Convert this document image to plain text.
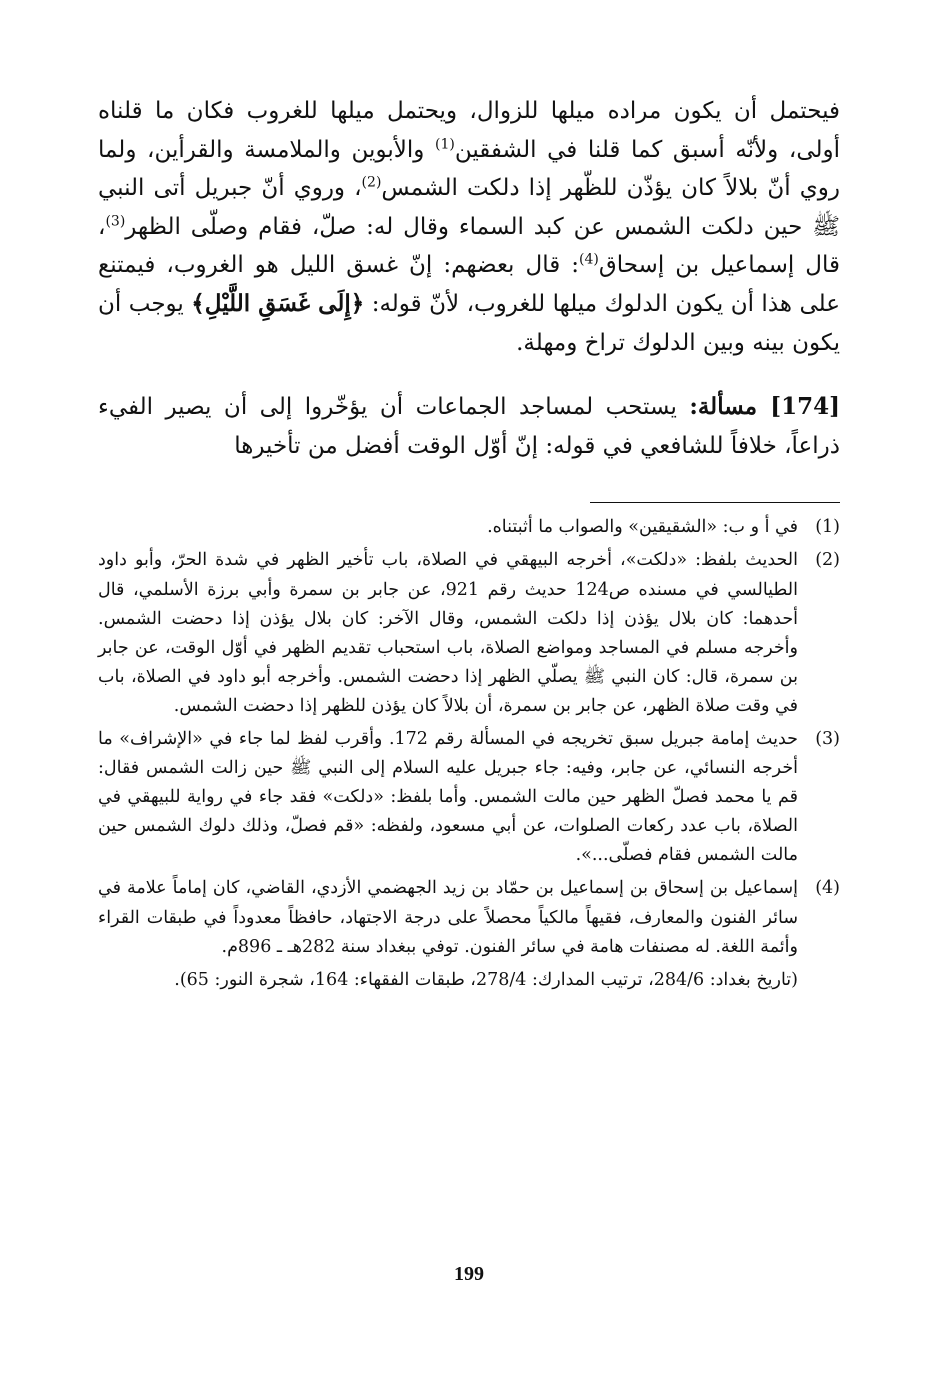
فيحتمل أن يكون مراده ميلها للزوال، ويحتمل ميلها للغروب فكان ما قلناه أولى، ولأنّه أسبق كما قلنا في الشفقين$^{(1)}$ والأبوين والملامسة والقرأين، ولما روي أنّ بلالاً كان يؤذّن للظّهر إذا دلكت الشمس$^{(2)}$، وروي أنّ جبريل أتى النبي ﷺ حين دلكت الشمس عن كبد السماء وقال له: صلّ، فقام وصلّى الظهر$^{(3)}$، قال إسماعيل بن إسحاق$^{(4)}$: قال بعضهم: إنّ غسق الليل هو الغروب، فيمتنع على هذا أن يكون الدلوك ميلها للغروب، لأنّ قوله: ﴿إِلَى غَسَقِ اللَّيْلِ﴾ يوجب أن يكون بينه وبين الدلوك تراخ ومهلة.

[174] مسألة: يستحب لمساجد الجماعات أن يؤخّروا إلى أن يصير الفيء ذراعاً، خلافاً للشافعي في قوله: إنّ أوّل الوقت أفضل من تأخيرها

(1)
في أ و ب: «الشقيقين» والصواب ما أثبتناه.
(2)
الحديث بلفظ: «دلكت»، أخرجه البيهقي في الصلاة، باب تأخير الظهر في شدة الحرّ، وأبو داود الطيالسي في مسنده ص124 حديث رقم 921، عن جابر بن سمرة وأبي برزة الأسلمي، قال أحدهما: كان بلال يؤذن إذا دلكت الشمس، وقال الآخر: كان بلال يؤذن إذا دحضت الشمس. وأخرجه مسلم في المساجد ومواضع الصلاة، باب استحباب تقديم الظهر في أوّل الوقت، عن جابر بن سمرة، قال: كان النبي ﷺ يصلّي الظهر إذا دحضت الشمس. وأخرجه أبو داود في الصلاة، باب في وقت صلاة الظهر، عن جابر بن سمرة، أن بلالاً كان يؤذن للظهر إذا دحضت الشمس.
(3)
حديث إمامة جبريل سبق تخريجه في المسألة رقم 172. وأقرب لفظ لما جاء في «الإشراف» ما أخرجه النسائي، عن جابر، وفيه: جاء جبريل عليه السلام إلى النبي ﷺ حين زالت الشمس فقال: قم يا محمد فصلّ الظهر حين مالت الشمس. وأما بلفظ: «دلكت» فقد جاء في رواية للبيهقي في الصلاة، باب عدد ركعات الصلوات، عن أبي مسعود، ولفظه: «قم فصلّ، وذلك دلوك الشمس حين مالت الشمس فقام فصلّى...».
(4)
إسماعيل بن إسحاق بن إسماعيل بن حمّاد بن زيد الجهضمي الأزدي، القاضي، كان إماماً علامة في سائر الفنون والمعارف، فقيهاً مالكياً محصلاً على درجة الاجتهاد، حافظاً معدوداً في طبقات القراء وأئمة اللغة. له مصنفات هامة في سائر الفنون. توفي ببغداد سنة 282هـ ـ 896م.
(تاريخ بغداد: 284/6، ترتيب المدارك: 278/4، طبقات الفقهاء: 164، شجرة النور: 65).
199
